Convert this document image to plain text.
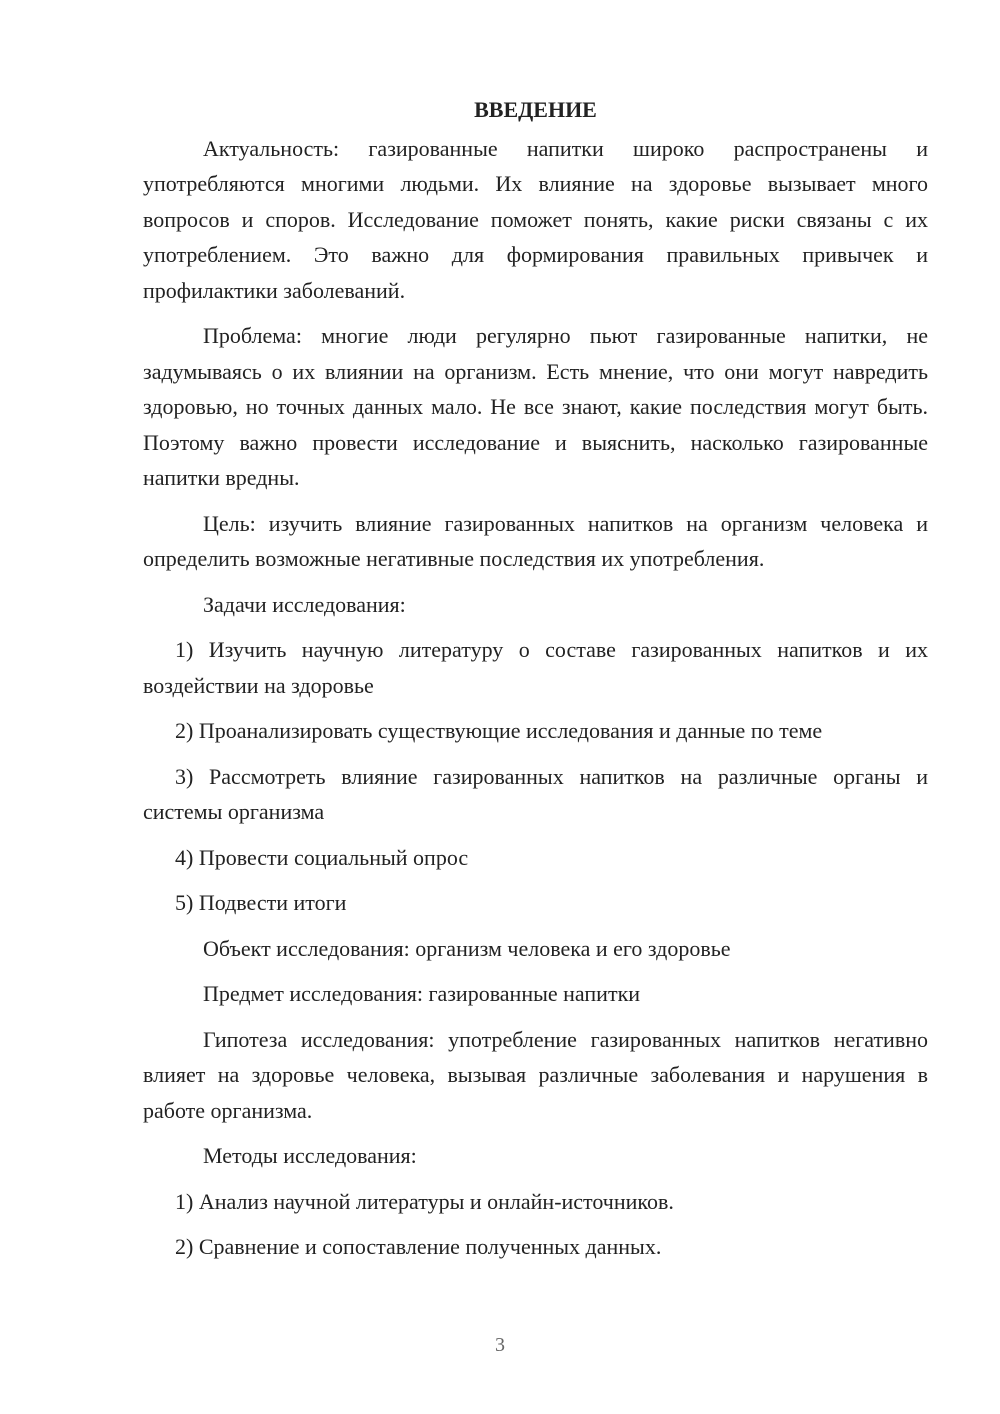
ВВЕДЕНИЕ

Актуальность: газированные напитки широко распространены и употребляются многими людьми. Их влияние на здоровье вызывает много вопросов и споров. Исследование поможет понять, какие риски связаны с их употреблением. Это важно для формирования правильных привычек и профилактики заболеваний.

Проблема: многие люди регулярно пьют газированные напитки, не задумываясь о их влиянии на организм. Есть мнение, что они могут навредить здоровью, но точных данных мало. Не все знают, какие последствия могут быть. Поэтому важно провести исследование и выяснить, насколько газированные напитки вредны.

Цель: изучить влияние газированных напитков на организм человека и определить возможные негативные последствия их употребления.

Задачи исследования:

1) Изучить научную литературу о составе газированных напитков и их воздействии на здоровье

2) Проанализировать существующие исследования и данные по теме

3) Рассмотреть влияние газированных напитков на различные органы и системы организма

4) Провести социальный опрос

5) Подвести итоги

Объект исследования: организм человека и его здоровье

Предмет исследования: газированные напитки

Гипотеза исследования: употребление газированных напитков негативно влияет на здоровье человека, вызывая различные заболевания и нарушения в работе организма.

Методы исследования:

1) Анализ научной литературы и онлайн-источников.

2) Сравнение и сопоставление полученных данных.

3
